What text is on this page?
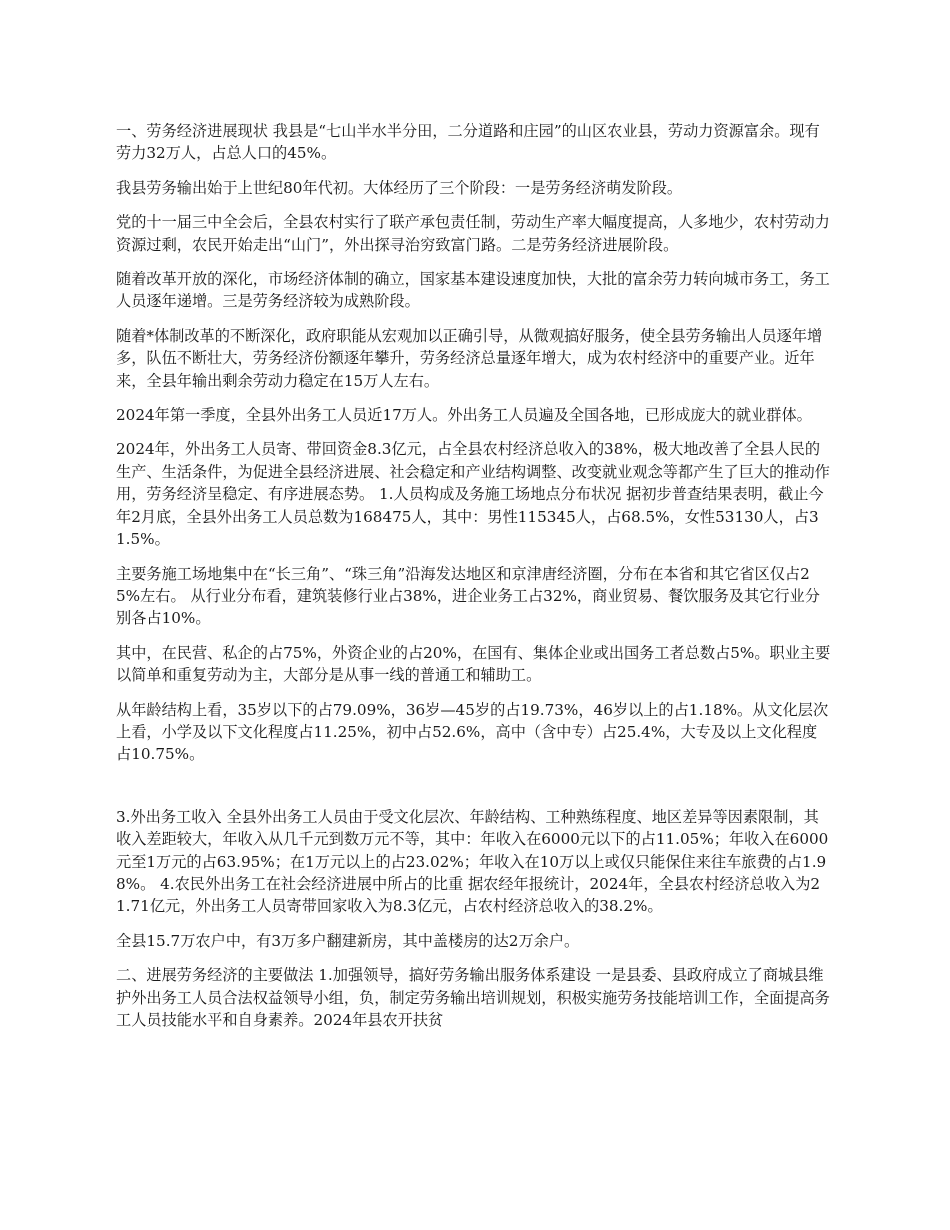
一、劳务经济进展现状 我县是“七山半水半分田，二分道路和庄园”的山区农业县，劳动力资源富余。现有劳力32万人，占总人口的45%。

我县劳务输出始于上世纪80年代初。大体经历了三个阶段：一是劳务经济萌发阶段。

党的十一届三中全会后，全县农村实行了联产承包责任制，劳动生产率大幅度提高，人多地少，农村劳动力资源过剩，农民开始走出“山门”，外出探寻治穷致富门路。二是劳务经济进展阶段。

随着改革开放的深化，市场经济体制的确立，国家基本建设速度加快，大批的富余劳力转向城市务工，务工人员逐年递增。三是劳务经济较为成熟阶段。

随着*体制改革的不断深化，政府职能从宏观加以正确引导，从微观搞好服务，使全县劳务输出人员逐年增多，队伍不断壮大，劳务经济份额逐年攀升，劳务经济总量逐年增大，成为农村经济中的重要产业。近年来，全县年输出剩余劳动力稳定在15万人左右。

2024年第一季度，全县外出务工人员近17万人。外出务工人员遍及全国各地，已形成庞大的就业群体。

2024年，外出务工人员寄、带回资金8.3亿元，占全县农村经济总收入的38%，极大地改善了全县人民的生产、生活条件，为促进全县经济进展、社会稳定和产业结构调整、改变就业观念等都产生了巨大的推动作用，劳务经济呈稳定、有序进展态势。 1.人员构成及务施工场地点分布状况 据初步普查结果表明，截止今年2月底，全县外出务工人员总数为168475人，其中：男性115345人，占68.5%，女性53130人，占31.5%。

主要务施工场地集中在“长三角”、“珠三角”沿海发达地区和京津唐经济圈，分布在本省和其它省区仅占25%左右。 从行业分布看，建筑装修行业占38%，进企业务工占32%，商业贸易、餐饮服务及其它行业分别各占10%。

其中，在民营、私企的占75%，外资企业的占20%，在国有、集体企业或出国务工者总数占5%。职业主要以简单和重复劳动为主，大部分是从事一线的普通工和辅助工。

从年龄结构上看，35岁以下的占79.09%，36岁—45岁的占19.73%，46岁以上的占1.18%。从文化层次上看，小学及以下文化程度占11.25%，初中占52.6%，高中（含中专）占25.4%，大专及以上文化程度占10.75%。

3.外出务工收入 全县外出务工人员由于受文化层次、年龄结构、工种熟练程度、地区差异等因素限制，其收入差距较大，年收入从几千元到数万元不等，其中：年收入在6000元以下的占11.05%；年收入在6000元至1万元的占63.95%；在1万元以上的占23.02%；年收入在10万以上或仅只能保住来往车旅费的占1.98%。 4.农民外出务工在社会经济进展中所占的比重 据农经年报统计，2024年，全县农村经济总收入为21.71亿元，外出务工人员寄带回家收入为8.3亿元，占农村经济总收入的38.2%。

全县15.7万农户中，有3万多户翻建新房，其中盖楼房的达2万余户。

二、进展劳务经济的主要做法 1.加强领导，搞好劳务输出服务体系建设 一是县委、县政府成立了商城县维护外出务工人员合法权益领导小组，负，制定劳务输出培训规划，积极实施劳务技能培训工作，全面提高务工人员技能水平和自身素养。2024年县农开扶贫
